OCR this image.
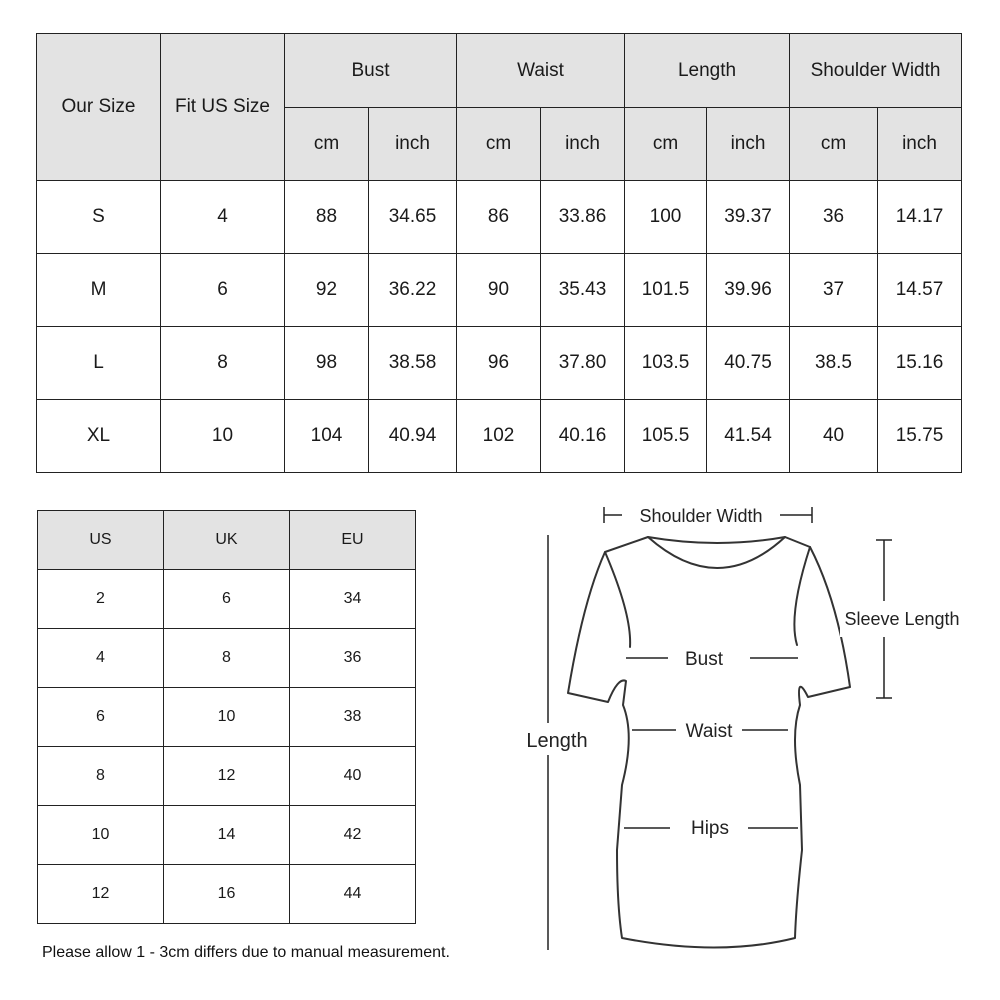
Our Size	Fit US Size	Bust		Waist		Length		Shoulder Width	
		cm	inch	cm	inch	cm	inch	cm	inch
S	4	88	34.65	86	33.86	100	39.37	36	14.17
M	6	92	36.22	90	35.43	101.5	39.96	37	14.57
L	8	98	38.58	96	37.80	103.5	40.75	38.5	15.16
XL	10	104	40.94	102	40.16	105.5	41.54	40	15.75
US	UK	EU
2	6	34
4	8	36
6	10	38
8	12	40
10	14	42
12	16	44
Shoulder Width
Sleeve Length
Bust
Waist
Hips
Length
Please allow 1 - 3cm differs due to manual measurement.
